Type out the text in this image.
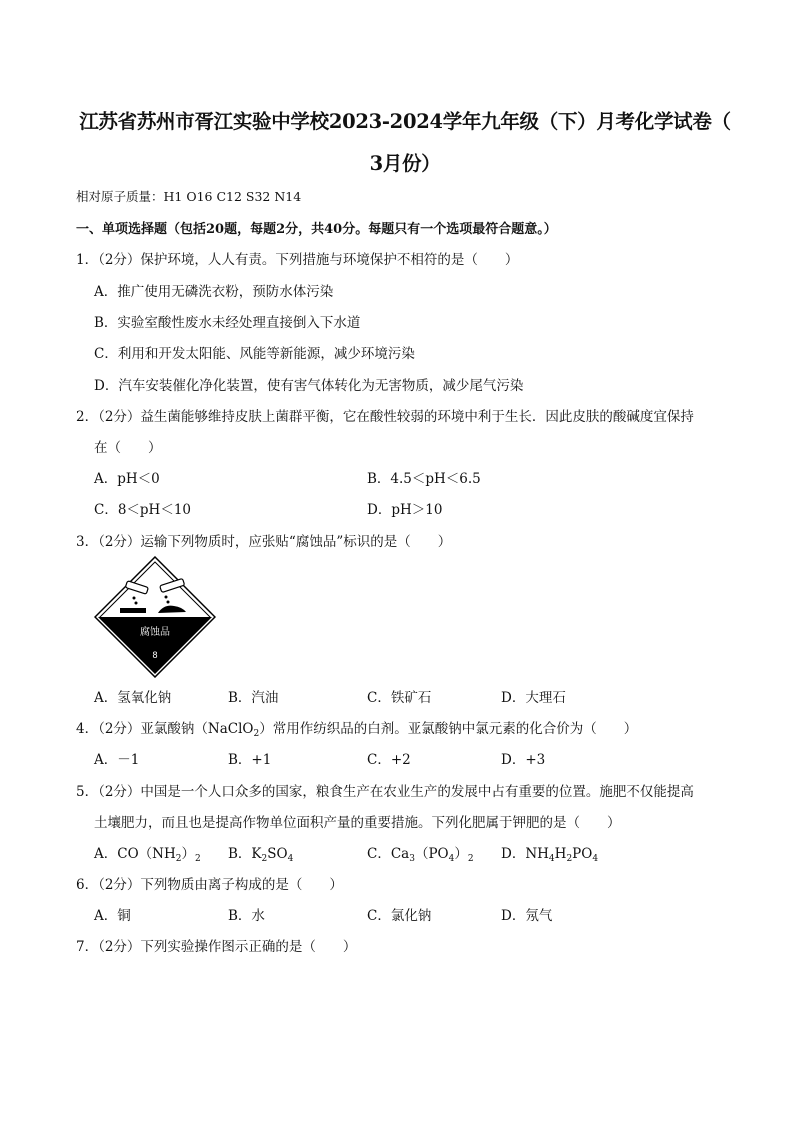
江苏省苏州市胥江实验中学校2023-2024学年九年级（下）月考化学试卷（
3月份）
相对原子质量：H1 O16 C12 S32 N14
一、单项选择题（包括20题，每题2分，共40分。每题只有一个选项最符合题意。）
1．（2分）保护环境，人人有责。下列措施与环境保护不相符的是（　　）
A．推广使用无磷洗衣粉，预防水体污染
B．实验室酸性废水未经处理直接倒入下水道
C．利用和开发太阳能、风能等新能源，减少环境污染
D．汽车安装催化净化装置，使有害气体转化为无害物质，减少尾气污染
2．（2分）益生菌能够维持皮肤上菌群平衡，它在酸性较弱的环境中利于生长．因此皮肤的酸碱度宜保持
在（　　）
A．pH＜0	B．4.5＜pH＜6.5
C．8＜pH＜10	D．pH＞10
3．（2分）运输下列物质时，应张贴“腐蚀品”标识的是（　　）
腐蚀品
8
A．氢氧化钠	B．汽油	C．铁矿石	D．大理石
4．（2分）亚氯酸钠（NaClO$_2$）常用作纺织品的白剂。亚氯酸钠中氯元素的化合价为（　　）
A．－1	B．+1	C．+2	D．+3
5．（2分）中国是一个人口众多的国家，粮食生产在农业生产的发展中占有重要的位置。施肥不仅能提高
土壤肥力，而且也是提高作物单位面积产量的重要措施。下列化肥属于钾肥的是（　　）
A．$CO(NH_2)_2$ B．$K_2SO_4$	C．$Ca_3(PO_4)_2$ D．$NH_4H_2PO_4$
6．（2分）下列物质由离子构成的是（　　）
A．铜	B．水	C．氯化钠	D．氖气
7．（2分）下列实验操作图示正确的是（　　）
